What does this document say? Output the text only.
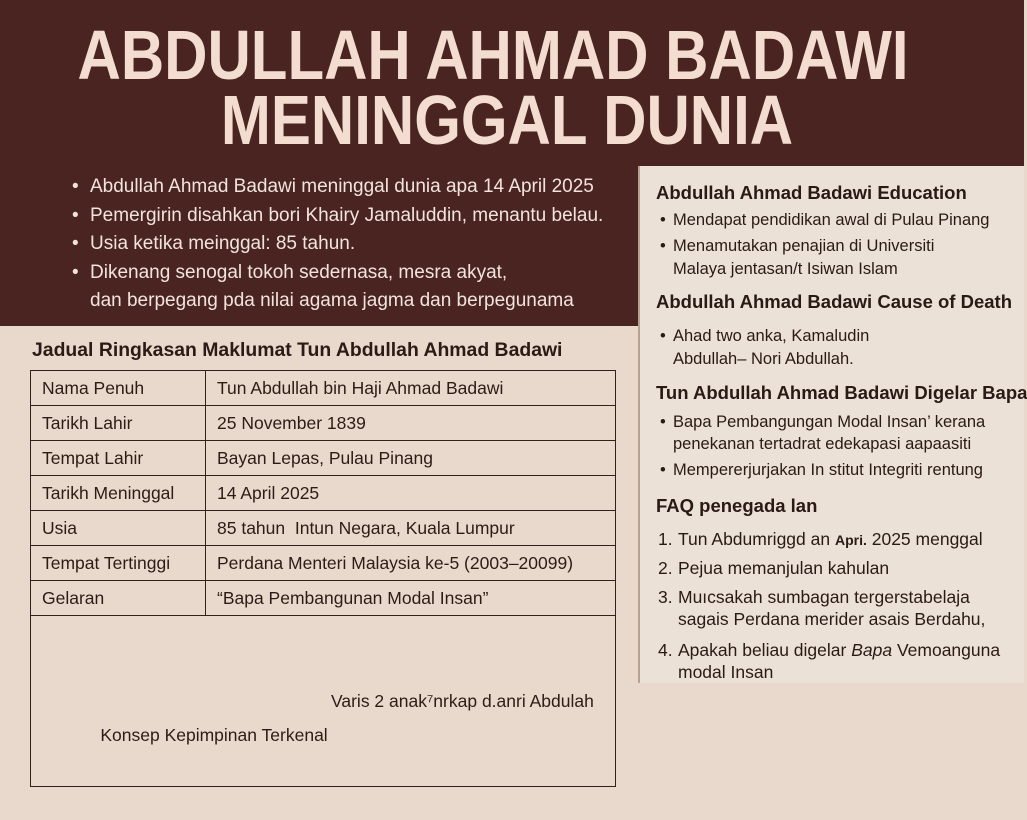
ABDULLAH AHMAD BADAWI
MENINGGAL DUNIA
•
Abdullah Ahmad Badawi meninggal dunia apa 14 April 2025
•
Pemergirin disahkan bori Khairy Jamaluddin, menantu belau.
•
Usia ketika meinggal: 85 tahun.
•
Dikenang senogal tokoh sedernasa, mesra akyat,
dan berpegang pda nilai agama jagma dan berpegunama
Jadual Ringkasan Maklumat Tun Abdullah Ahmad Badawi
Nama Penuh	Tun Abdullah bin Haji Ahmad Badawi
Tarikh Lahir	25 November 1839
Tempat Lahir	Bayan Lepas, Pulau Pinang
Tarikh Meninggal	14 April 2025
Usia	85 tahun  Intun Negara, Kuala Lumpur
Tempat Tertinggi	Perdana Menteri Malaysia ke-5 (2003–20099)
Gelaran	“Bapa Pembangunan Modal Insan”

Konsep Kepimpinan Terkenal

Varis 2 anak⁷nrkap d.anri Abdulah	

Abdullah Ahmad Badawi Education
•
Mendapat pendidikan awal di Pulau Pinang
•
Menamutakan penajian di Universiti
Malaya jentasan/t Isiwan Islam
Abdullah Ahmad Badawi Cause of Death
•
Ahad two anka, Kamaludin
Abdullah– Nori Abdullah.
Tun Abdullah Ahmad Badawi Digelar Bapa
•
Bapa Pembangungan Modal Insan’ kerana
penekanan tertadrat edekapasi aapaasiti
•
Mempererjurjakan In stitut Integriti rentung
FAQ penegada lan
1. Tun Abdumriggd an Apri. 2025 menggal
2. Pejua memanjulan kahulan
3. Muıcsakah sumbagan tergerstabelaja
sagais Perdana merider asais Berdahu,
4. Apakah beliau digelar Bapa Vemoanguna
modal Insan
